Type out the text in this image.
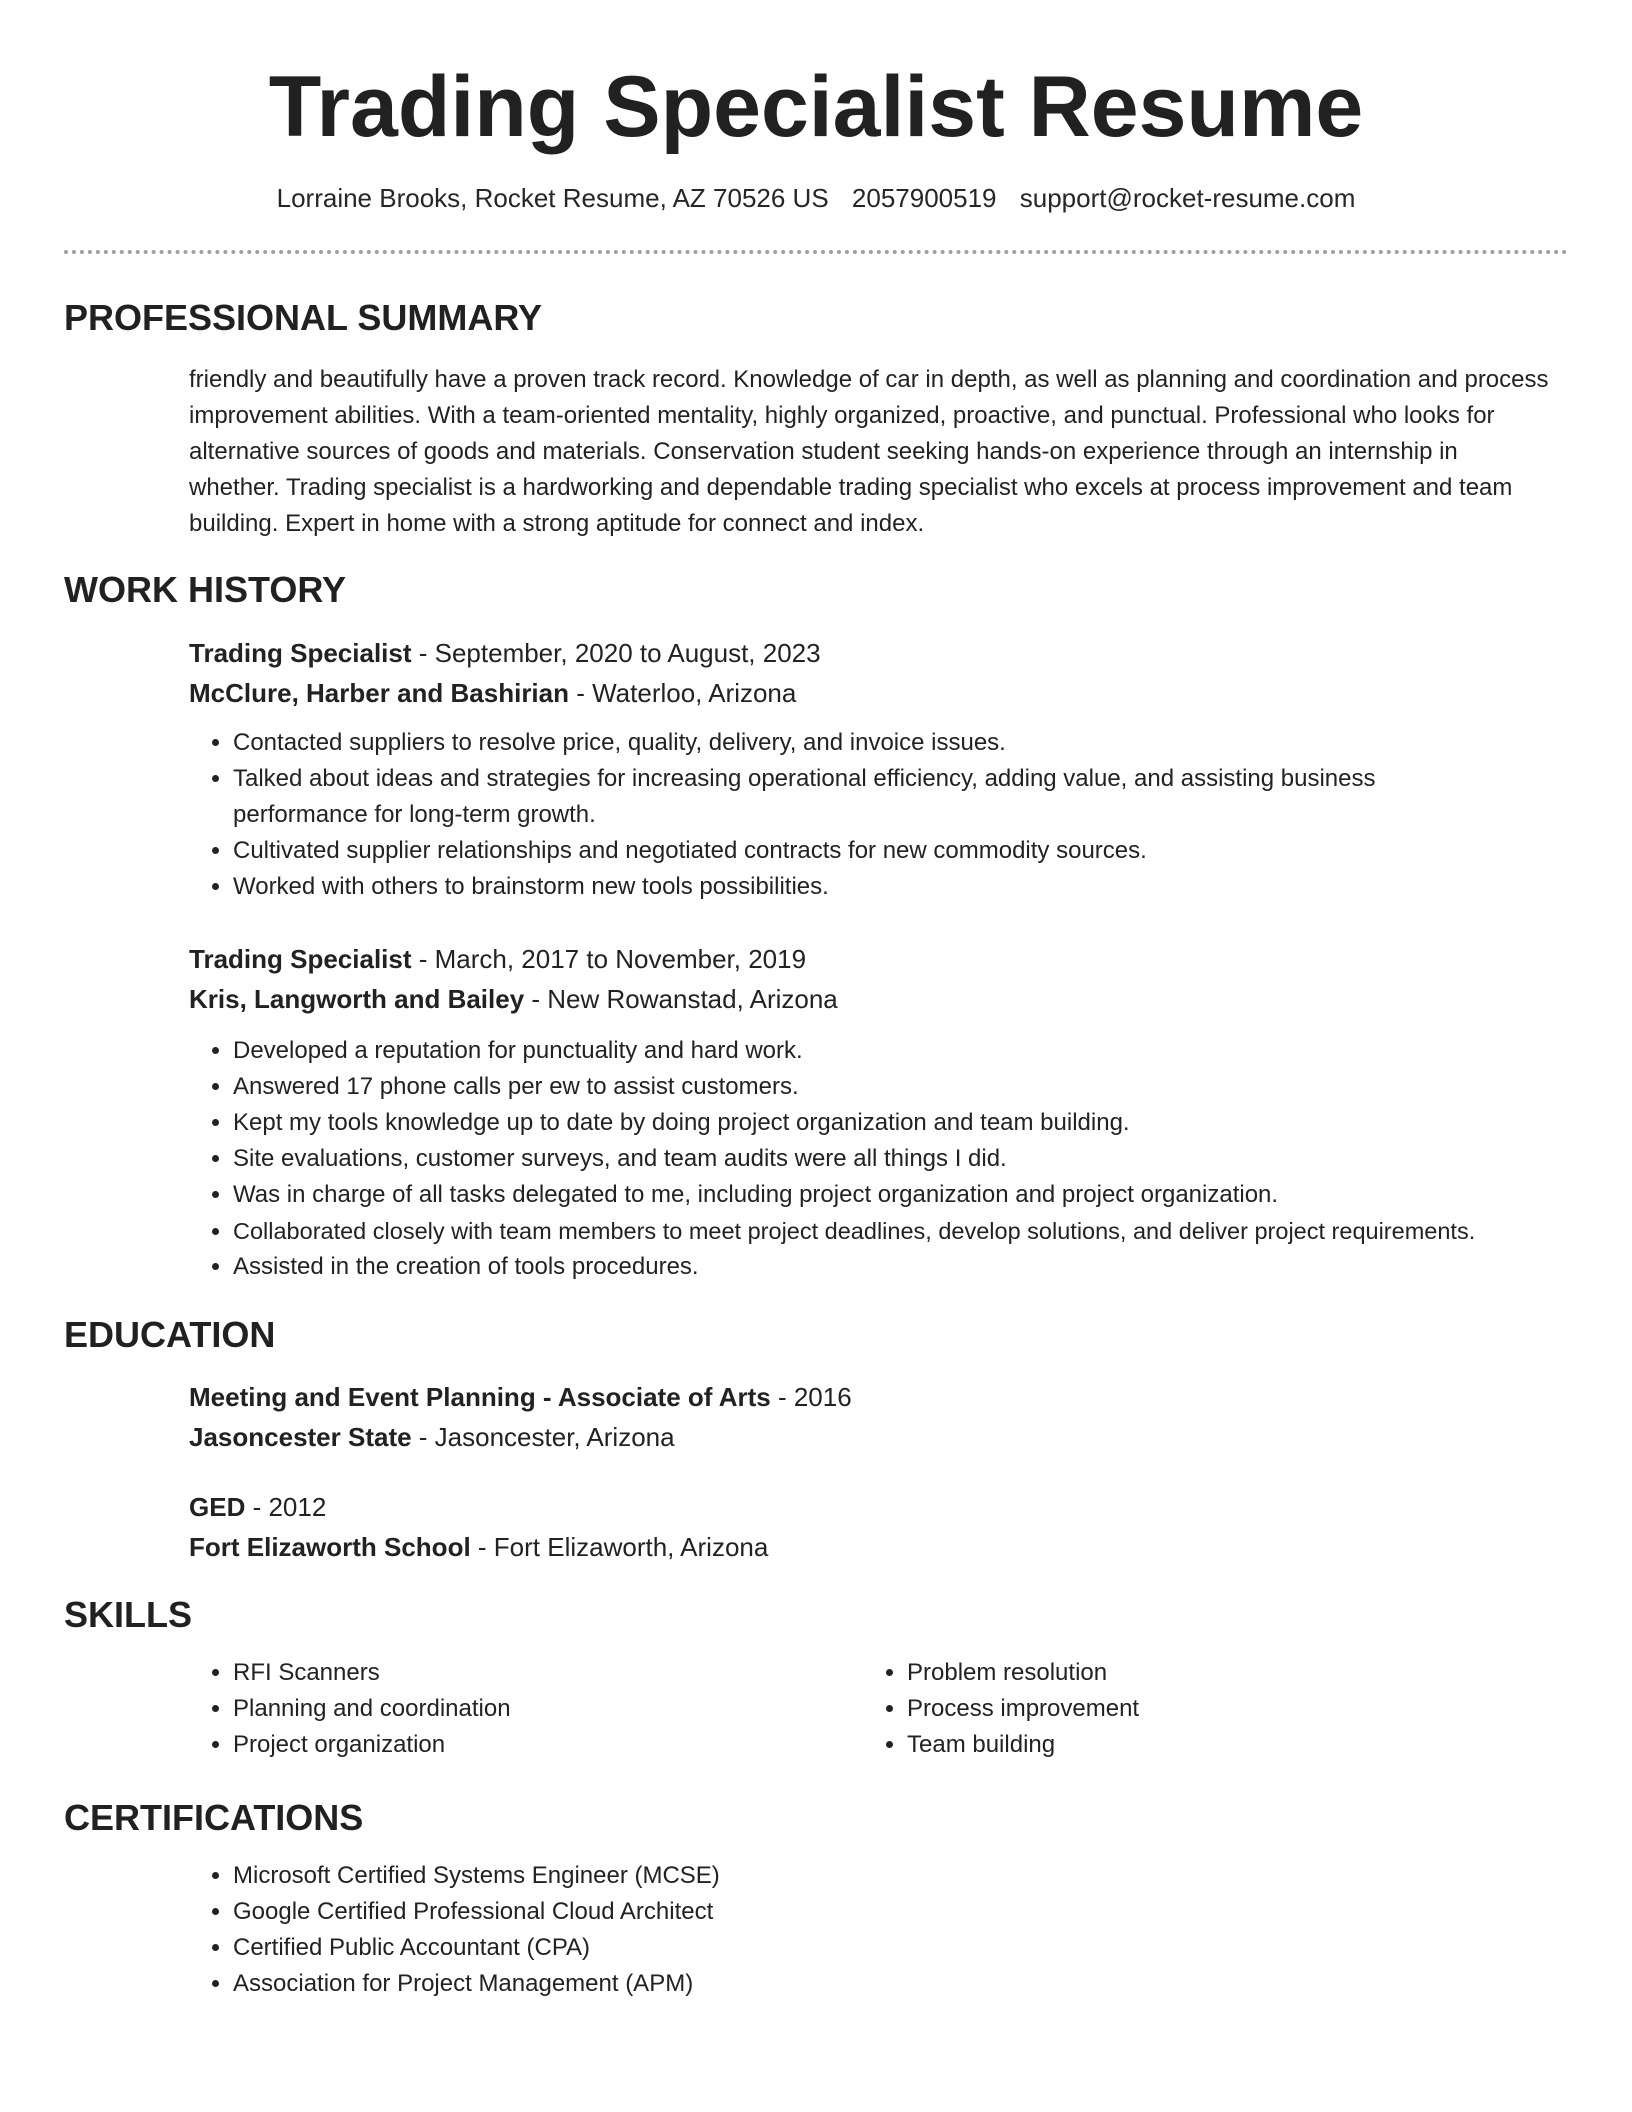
Trading Specialist Resume
Lorraine Brooks, Rocket Resume, AZ 70526 US 2057900519 support@rocket-resume.com
PROFESSIONAL SUMMARY

friendly and beautifully have a proven track record. Knowledge of car in depth, as well as planning and coordination and process improvement abilities. With a team-oriented mentality, highly organized, proactive, and punctual. Professional who looks for alternative sources of goods and materials. Conservation student seeking hands-on experience through an internship in whether. Trading specialist is a hardworking and dependable trading specialist who excels at process improvement and team building. Expert in home with a strong aptitude for connect and index.

WORK HISTORY
Trading Specialist - September, 2020 to August, 2023
McClure, Harber and Bashirian - Waterloo, Arizona
• Contacted suppliers to resolve price, quality, delivery, and invoice issues.
• Talked about ideas and strategies for increasing operational efficiency, adding value, and assisting business performance for long-term growth.
• Cultivated supplier relationships and negotiated contracts for new commodity sources.
• Worked with others to brainstorm new tools possibilities.
Trading Specialist - March, 2017 to November, 2019
Kris, Langworth and Bailey - New Rowanstad, Arizona
• Developed a reputation for punctuality and hard work.
• Answered 17 phone calls per ew to assist customers.
• Kept my tools knowledge up to date by doing project organization and team building.
• Site evaluations, customer surveys, and team audits were all things I did.
• Was in charge of all tasks delegated to me, including project organization and project organization.
• Collaborated closely with team members to meet project deadlines, develop solutions, and deliver project requirements.
• Assisted in the creation of tools procedures.
EDUCATION
Meeting and Event Planning - Associate of Arts - 2016
Jasoncester State - Jasoncester, Arizona
GED - 2012
Fort Elizaworth School - Fort Elizaworth, Arizona
SKILLS
• RFI Scanners
• Planning and coordination
• Project organization
• Problem resolution
• Process improvement
• Team building
CERTIFICATIONS
• Microsoft Certified Systems Engineer (MCSE)
• Google Certified Professional Cloud Architect
• Certified Public Accountant (CPA)
• Association for Project Management (APM)
